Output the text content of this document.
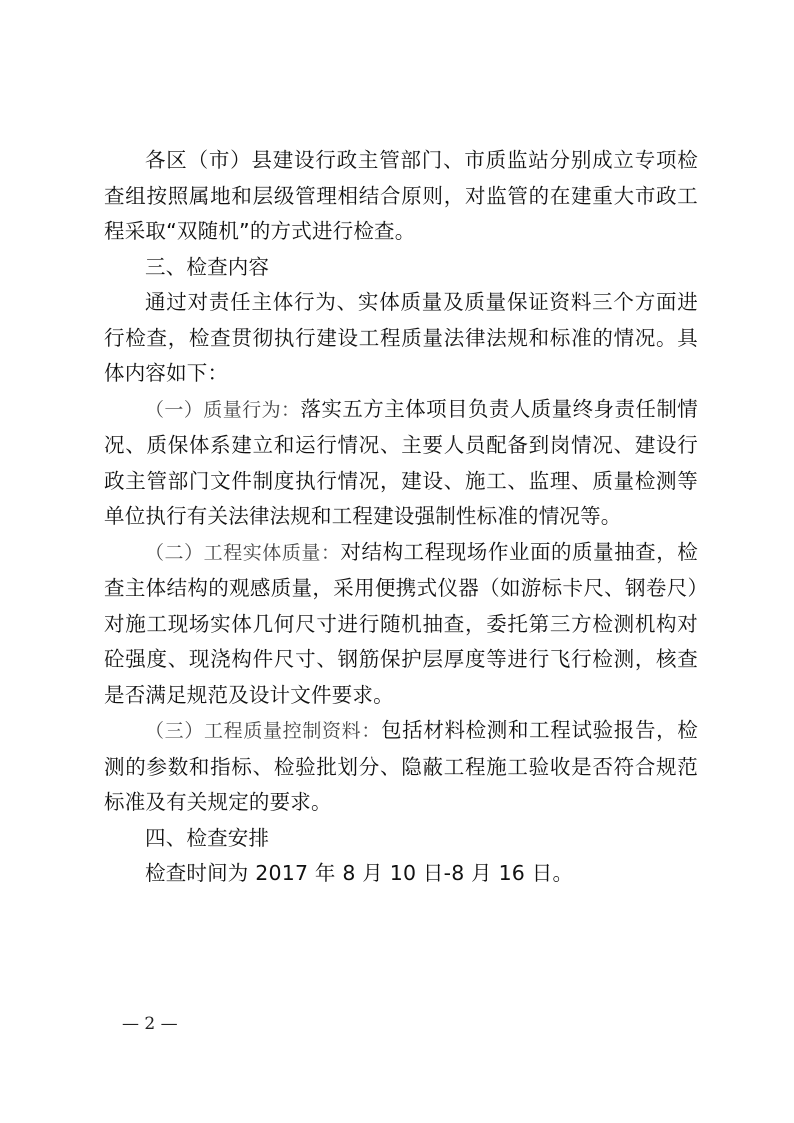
各区（市）县建设行政主管部门、市质监站分别成立专项检查组按照属地和层级管理相结合原则，对监管的在建重大市政工程采取“双随机”的方式进行检查。

三、检查内容

通过对责任主体行为、实体质量及质量保证资料三个方面进行检查，检查贯彻执行建设工程质量法律法规和标准的情况。具体内容如下：

（一）质量行为：落实五方主体项目负责人质量终身责任制情况、质保体系建立和运行情况、主要人员配备到岗情况、建设行政主管部门文件制度执行情况，建设、施工、监理、质量检测等单位执行有关法律法规和工程建设强制性标准的情况等。

（二）工程实体质量：对结构工程现场作业面的质量抽查，检查主体结构的观感质量，采用便携式仪器（如游标卡尺、钢卷尺）对施工现场实体几何尺寸进行随机抽查，委托第三方检测机构对砼强度、现浇构件尺寸、钢筋保护层厚度等进行飞行检测，核查是否满足规范及设计文件要求。

（三）工程质量控制资料：包括材料检测和工程试验报告，检测的参数和指标、检验批划分、隐蔽工程施工验收是否符合规范标准及有关规定的要求。

四、检查安排

检查时间为 2017 年 8 月 10 日-8 月 16 日。

— 2 —
